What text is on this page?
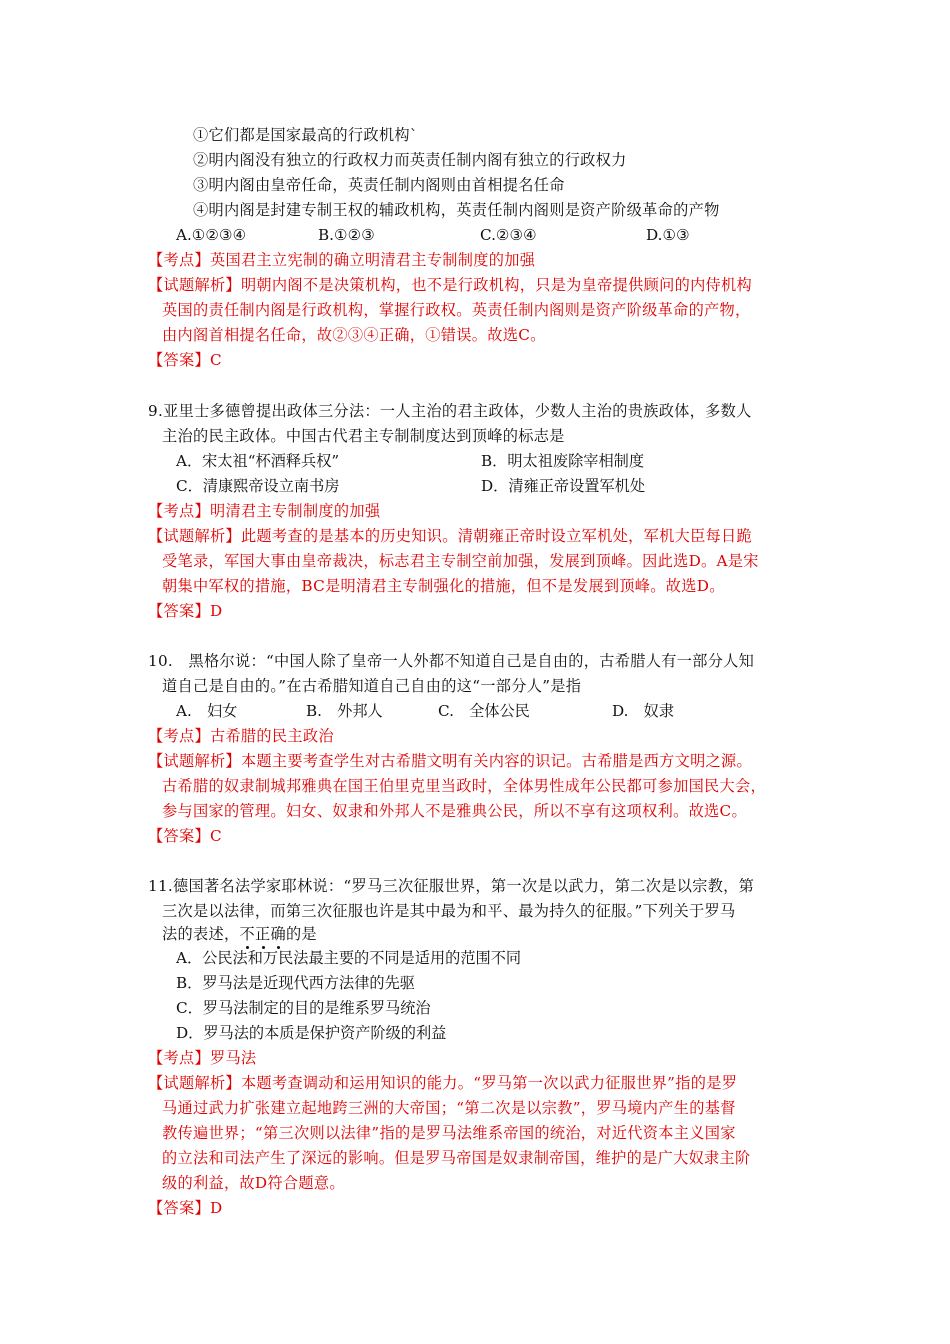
①它们都是国家最高的行政机构`
②明内阁没有独立的行政权力而英责任制内阁有独立的行政权力
③明内阁由皇帝任命，英责任制内阁则由首相提名任命
④明内阁是封建专制王权的辅政机构，英责任制内阁则是资产阶级革命的产物
A.①②③④	B.①②③	C.②③④	D.①③
【考点】英国君主立宪制的确立明清君主专制制度的加强
【试题解析】明朝内阁不是决策机构，也不是行政机构，只是为皇帝提供顾问的内侍机构
英国的责任制内阁是行政机构，掌握行政权。英责任制内阁则是资产阶级革命的产物，
由内阁首相提名任命，故②③④正确，①错误。故选C。
【答案】C
9.亚里士多德曾提出政体三分法：一人主治的君主政体，少数人主治的贵族政体，多数人
主治的民主政体。中国古代君主专制制度达到顶峰的标志是
A．宋太祖“杯酒释兵权”	B．明太祖废除宰相制度
C．清康熙帝设立南书房	D．清雍正帝设置军机处
【考点】明清君主专制制度的加强
【试题解析】此题考查的是基本的历史知识。清朝雍正帝时设立军机处，军机大臣每日跪
受笔录，军国大事由皇帝裁决，标志君主专制空前加强，发展到顶峰。因此选D。A是宋
朝集中军权的措施，BC是明清君主专制强化的措施，但不是发展到顶峰。故选D。
【答案】D
10.　黑格尔说：“中国人除了皇帝一人外都不知道自己是自由的，古希腊人有一部分人知
道自己是自由的。”在古希腊知道自己自由的这“一部分人”是指
A.　妇女	B.　外邦人	C.　全体公民	D.　奴隶
【考点】古希腊的民主政治
【试题解析】本题主要考查学生对古希腊文明有关内容的识记。古希腊是西方文明之源。
古希腊的奴隶制城邦雅典在国王伯里克里当政时，全体男性成年公民都可参加国民大会，
参与国家的管理。妇女、奴隶和外邦人不是雅典公民，所以不享有这项权利。故选C。
【答案】C
11.德国著名法学家耶林说：“罗马三次征服世界，第一次是以武力，第二次是以宗教，第
三次是以法律，而第三次征服也许是其中最为和平、最为持久的征服。”下列关于罗马
法的表述，不正确的是
A．公民法和万民法最主要的不同是适用的范围不同
B．罗马法是近现代西方法律的先驱
C．罗马法制定的目的是维系罗马统治
D．罗马法的本质是保护资产阶级的利益
【考点】罗马法
【试题解析】本题考查调动和运用知识的能力。“罗马第一次以武力征服世界”指的是罗
马通过武力扩张建立起地跨三洲的大帝国；“第二次是以宗教”，罗马境内产生的基督
教传遍世界；“第三次则以法律”指的是罗马法维系帝国的统治，对近代资本主义国家
的立法和司法产生了深远的影响。但是罗马帝国是奴隶制帝国，维护的是广大奴隶主阶
级的利益，故D符合题意。
【答案】D
